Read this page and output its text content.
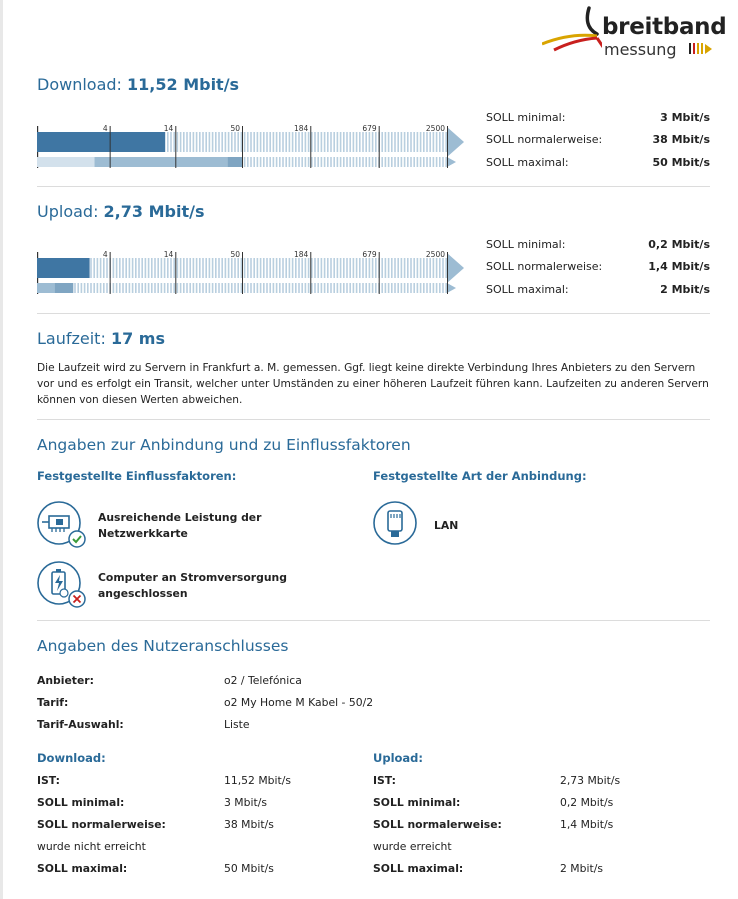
breitband
messung
Download: 11,52 Mbit/s
4	14	50	184	679	2500
SOLL minimal:	3 Mbit/s
SOLL normalerweise:	38 Mbit/s
SOLL maximal:	50 Mbit/s
Upload: 2,73 Mbit/s
4	14	50	184	679	2500
SOLL minimal:	0,2 Mbit/s
SOLL normalerweise:	1,4 Mbit/s
SOLL maximal:	2 Mbit/s
Laufzeit: 17 ms
Die Laufzeit wird zu Servern in Frankfurt a. M. gemessen. Ggf. liegt keine direkte Verbindung Ihres Anbieters zu den Servern vor und es erfolgt ein Transit, welcher unter Umständen zu einer höheren Laufzeit führen kann. Laufzeiten zu anderen Servern können von diesen Werten abweichen.
Angaben zur Anbindung und zu Einflussfaktoren
Festgestellte Einflussfaktoren:	Festgestellte Art der Anbindung:
Ausreichende Leistung der
Netzwerkkarte
Computer an Stromversorgung
angeschlossen
LAN
Angaben des Nutzeranschlusses
Anbieter:	o2 / Telefónica
Tarif:	o2 My Home M Kabel - 50/2
Tarif-Auswahl:	Liste
Download:
IST:	11,52 Mbit/s
SOLL minimal:	3 Mbit/s
SOLL normalerweise:	38 Mbit/s
wurde nicht erreicht
SOLL maximal:	50 Mbit/s
Upload:
IST:	2,73 Mbit/s
SOLL minimal:	0,2 Mbit/s
SOLL normalerweise:	1,4 Mbit/s
wurde erreicht
SOLL maximal:	2 Mbit/s
